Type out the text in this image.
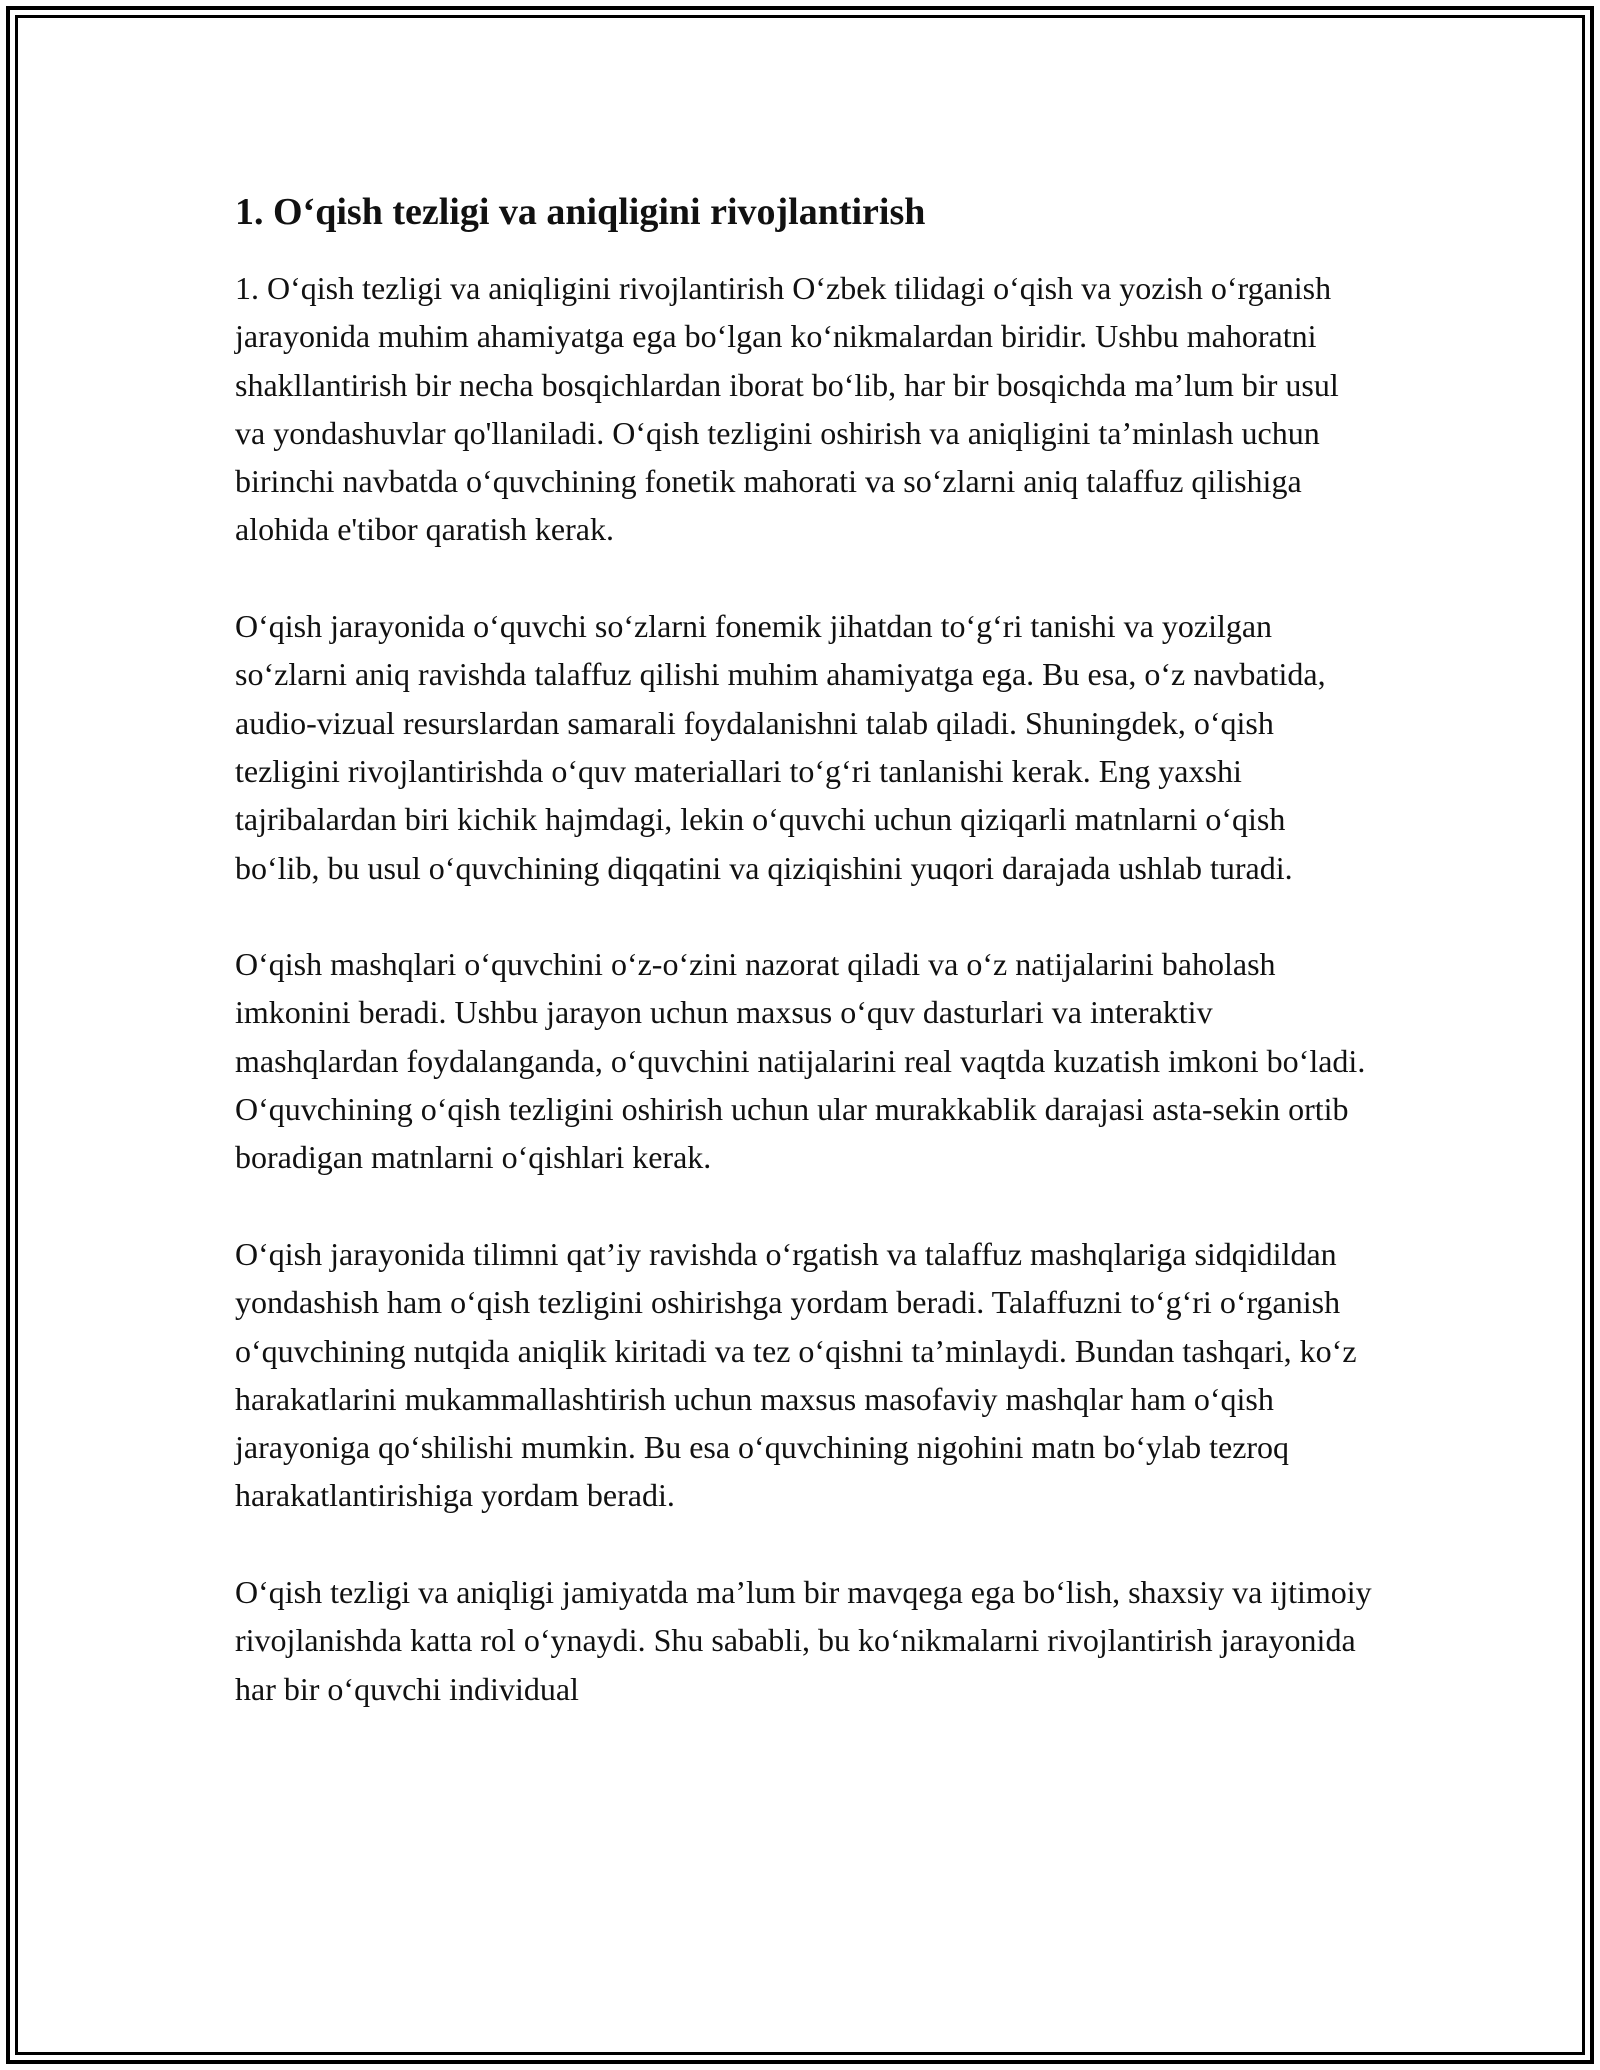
1. Oʻqish tezligi va aniqligini rivojlantirish

1. Oʻqish tezligi va aniqligini rivojlantirish Oʻzbek tilidagi oʻqish va yozish oʻrganish jarayonida muhim ahamiyatga ega boʻlgan koʻnikmalardan biridir. Ushbu mahoratni shakllantirish bir necha bosqichlardan iborat boʻlib, har bir bosqichda maʼlum bir usul va yondashuvlar qo'llaniladi. Oʻqish tezligini oshirish va aniqligini taʼminlash uchun birinchi navbatda oʻquvchining fonetik mahorati va soʻzlarni aniq talaffuz qilishiga alohida e'tibor qaratish kerak.

Oʻqish jarayonida oʻquvchi soʻzlarni fonemik jihatdan toʻgʻri tanishi va yozilgan soʻzlarni aniq ravishda talaffuz qilishi muhim ahamiyatga ega. Bu esa, oʻz navbatida, audio-vizual resurslardan samarali foydalanishni talab qiladi. Shuningdek, oʻqish tezligini rivojlantirishda oʻquv materiallari toʻgʻri tanlanishi kerak. Eng yaxshi tajribalardan biri kichik hajmdagi, lekin oʻquvchi uchun qiziqarli matnlarni oʻqish boʻlib, bu usul oʻquvchining diqqatini va qiziqishini yuqori darajada ushlab turadi.

Oʻqish mashqlari oʻquvchini oʻz-oʻzini nazorat qiladi va oʻz natijalarini baholash imkonini beradi. Ushbu jarayon uchun maxsus oʻquv dasturlari va interaktiv mashqlardan foydalanganda, oʻquvchini natijalarini real vaqtda kuzatish imkoni boʻladi. Oʻquvchining oʻqish tezligini oshirish uchun ular murakkablik darajasi asta-sekin ortib boradigan matnlarni oʻqishlari kerak.

Oʻqish jarayonida tilimni qatʼiy ravishda oʻrgatish va talaffuz mashqlariga sidqidildan yondashish ham oʻqish tezligini oshirishga yordam beradi. Talaffuzni toʻgʻri oʻrganish oʻquvchining nutqida aniqlik kiritadi va tez oʻqishni taʼminlaydi. Bundan tashqari, koʻz harakatlarini mukammallashtirish uchun maxsus masofaviy mashqlar ham oʻqish jarayoniga qoʻshilishi mumkin. Bu esa oʻquvchining nigohini matn boʻylab tezroq harakatlantirishiga yordam beradi.

Oʻqish tezligi va aniqligi jamiyatda maʼlum bir mavqega ega boʻlish, shaxsiy va ijtimoiy rivojlanishda katta rol oʻynaydi. Shu sababli, bu koʻnikmalarni rivojlantirish jarayonida har bir oʻquvchi individual
